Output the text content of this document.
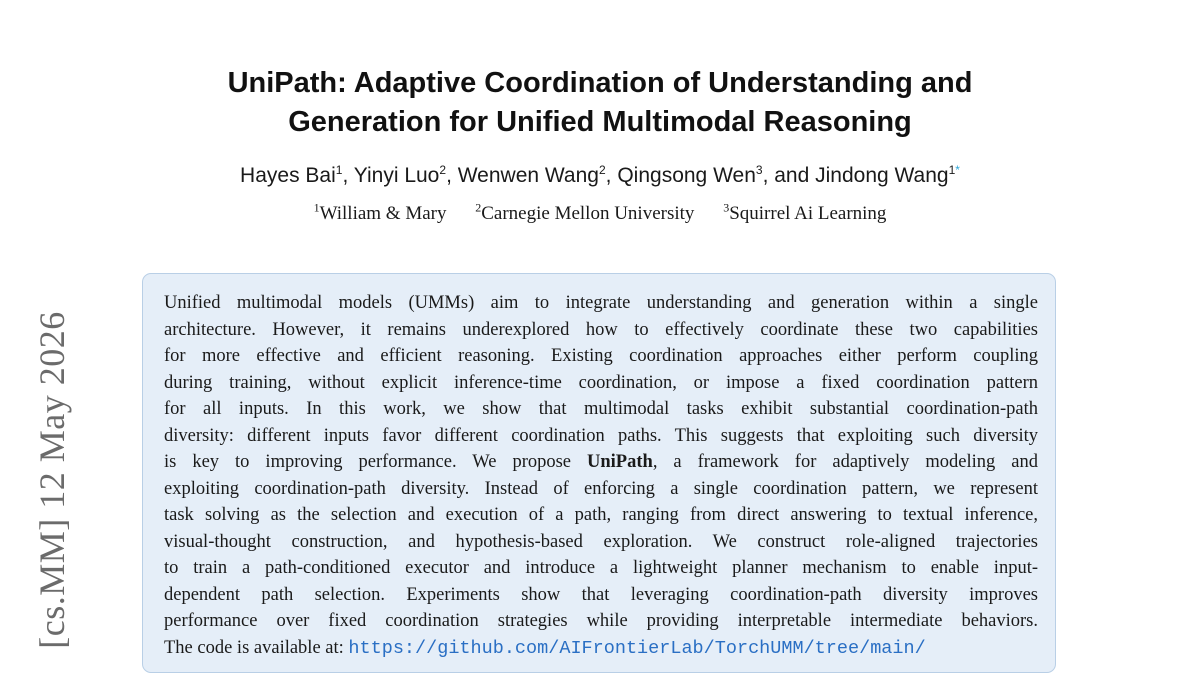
[cs.MM] 12 May 2026
UniPath: Adaptive Coordination of Understanding and
Generation for Unified Multimodal Reasoning
Hayes Bai$^1$, Yinyi Luo$^2$, Wenwen Wang$^2$, Qingsong Wen$^3$, and Jindong Wang$^{1*}$
$^1$William & Mary $^2$Carnegie Mellon University $^3$Squirrel Ai Learning
Unified multimodal models (UMMs) aim to integrate understanding and generation within a single
architecture. However, it remains underexplored how to effectively coordinate these two capabilities
for more effective and efficient reasoning. Existing coordination approaches either perform coupling
during training, without explicit inference-time coordination, or impose a fixed coordination pattern
for all inputs. In this work, we show that multimodal tasks exhibit substantial coordination-path
diversity: different inputs favor different coordination paths. This suggests that exploiting such diversity
is key to improving performance. We propose UniPath, a framework for adaptively modeling and
exploiting coordination-path diversity. Instead of enforcing a single coordination pattern, we represent
task solving as the selection and execution of a path, ranging from direct answering to textual inference,
visual-thought construction, and hypothesis-based exploration. We construct role-aligned trajectories
to train a path-conditioned executor and introduce a lightweight planner mechanism to enable input-
dependent path selection. Experiments show that leveraging coordination-path diversity improves
performance over fixed coordination strategies while providing interpretable intermediate behaviors.
The code is available at: https://github.com/AIFrontierLab/TorchUMM/tree/main/
